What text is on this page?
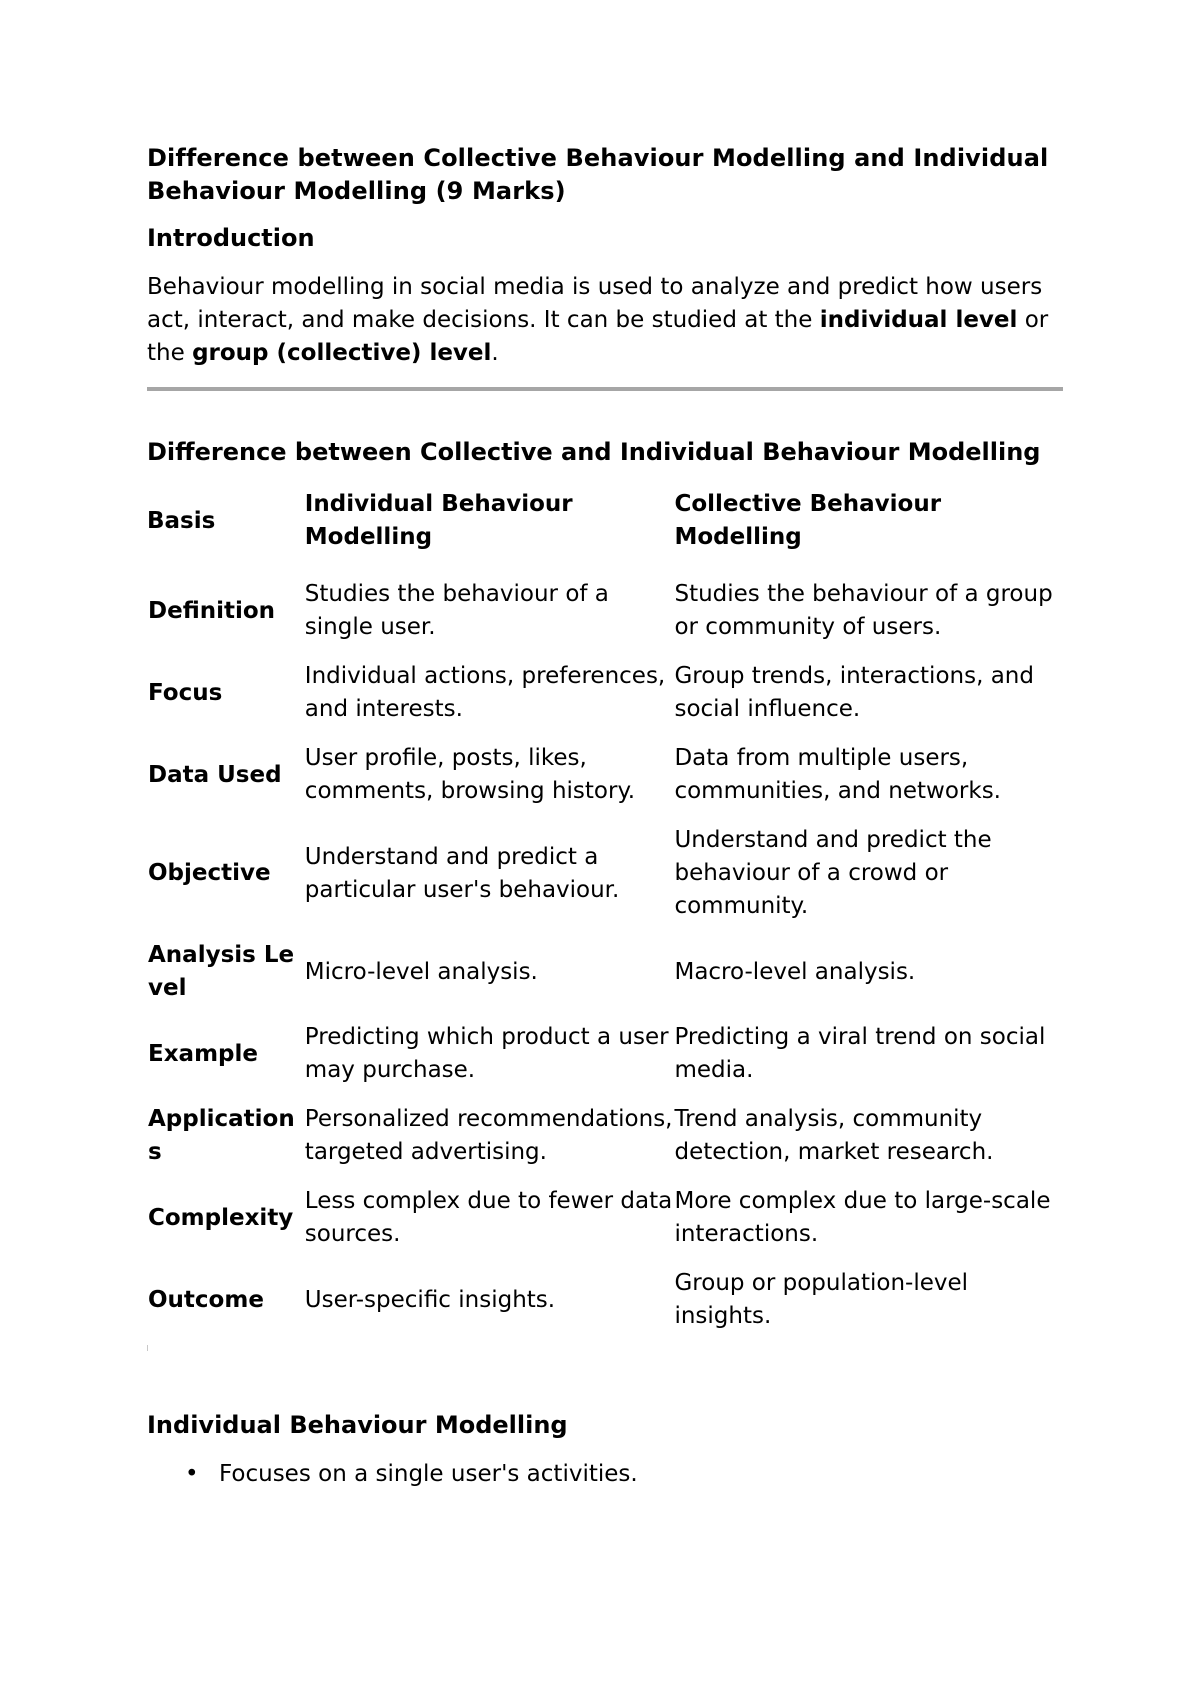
Difference between Collective Behaviour Modelling and Individual Behaviour Modelling (9 Marks)
Introduction

Behaviour modelling in social media is used to analyze and predict how users act, interact, and make decisions. It can be studied at the individual level or the group (collective) level.

Difference between Collective and Individual Behaviour Modelling
Basis	Individual Behaviour Modelling	Collective Behaviour Modelling
Definition	Studies the behaviour of a single user.	Studies the behaviour of a group or community of users.
Focus	Individual actions, preferences, and interests.	Group trends, interactions, and social influence.
Data Used	User profile, posts, likes, comments, browsing history.	Data from multiple users, communities, and networks.
Objective	Understand and predict a particular user's behaviour.	Understand and predict the behaviour of a crowd or community.
Analysis Level	Micro-level analysis.	Macro-level analysis.
Example	Predicting which product a user may purchase.	Predicting a viral trend on social media.
Applications	Personalized recommendations, targeted advertising.	Trend analysis, community detection, market research.
Complexity	Less complex due to fewer data sources.	More complex due to large-scale interactions.
Outcome	User-specific insights.	Group or population-level insights.
Individual Behaviour Modelling
• Focuses on a single user's activities.
